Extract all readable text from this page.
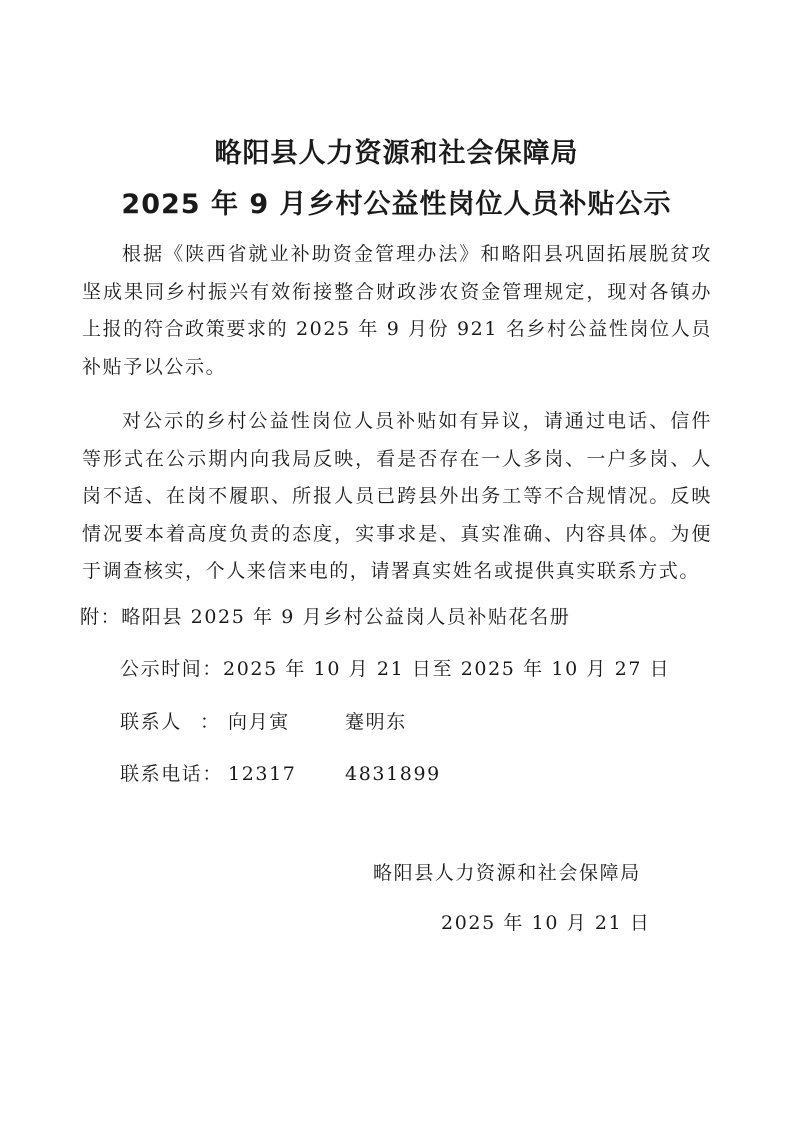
略阳县人力资源和社会保障局
2025 年 9 月乡村公益性岗位人员补贴公示
根据《陕西省就业补助资金管理办法》和略阳县巩固拓展脱贫攻坚成果同乡村振兴有效衔接整合财政涉农资金管理规定，现对各镇办上报的符合政策要求的 2025 年 9 月份 921 名乡村公益性岗位人员补贴予以公示。
对公示的乡村公益性岗位人员补贴如有异议，请通过电话、信件等形式在公示期内向我局反映，看是否存在一人多岗、一户多岗、人岗不适、在岗不履职、所报人员已跨县外出务工等不合规情况。反映情况要本着高度负责的态度，实事求是、真实准确、内容具体。为便于调查核实，个人来信来电的，请署真实姓名或提供真实联系方式。
附：略阳县 2025 年 9 月乡村公益岗人员补贴花名册
公示时间：2025 年 10 月 21 日至 2025 年 10 月 27 日
联系人 ： 向月寅	蹇明东
联系电话： 12317	4831899
略阳县人力资源和社会保障局
2025 年 10 月 21 日
